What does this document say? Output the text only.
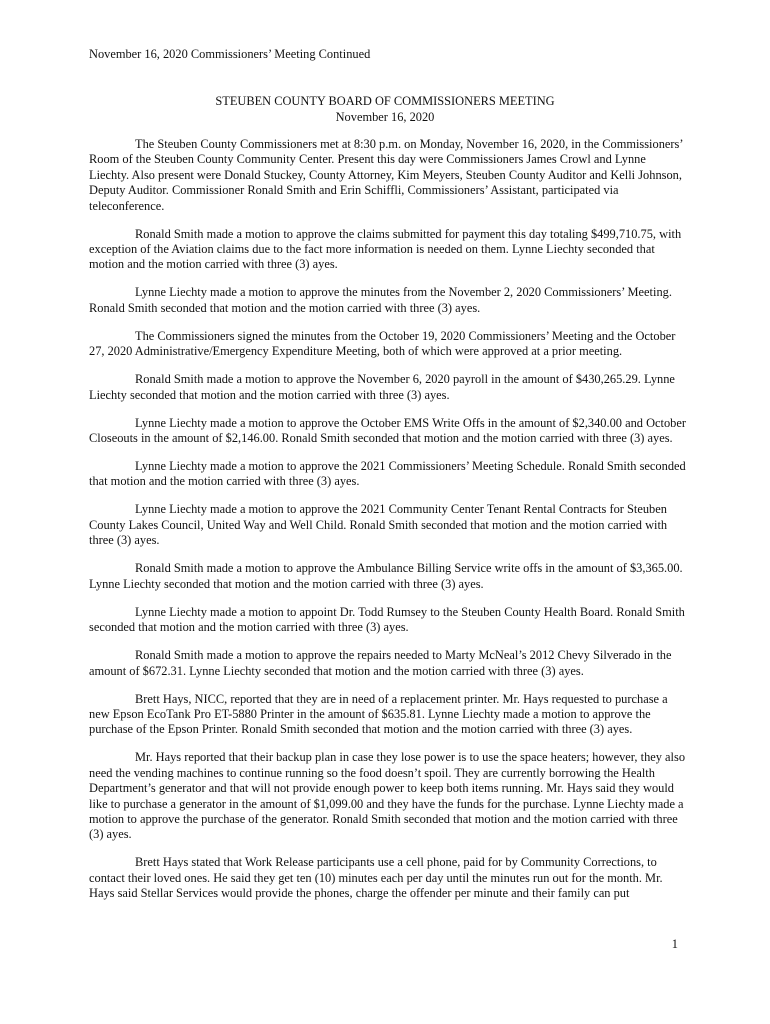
November 16, 2020 Commissioners’ Meeting Continued
STEUBEN COUNTY BOARD OF COMMISSIONERS MEETING
November 16, 2020

The Steuben County Commissioners met at 8:30 p.m. on Monday, November 16, 2020, in the Commissioners’ Room of the Steuben County Community Center. Present this day were Commissioners James Crowl and Lynne Liechty. Also present were Donald Stuckey, County Attorney, Kim Meyers, Steuben County Auditor and Kelli Johnson, Deputy Auditor. Commissioner Ronald Smith and Erin Schiffli, Commissioners’ Assistant, participated via teleconference.

Ronald Smith made a motion to approve the claims submitted for payment this day totaling $499,710.75, with exception of the Aviation claims due to the fact more information is needed on them. Lynne Liechty seconded that motion and the motion carried with three (3) ayes.

Lynne Liechty made a motion to approve the minutes from the November 2, 2020 Commissioners’ Meeting. Ronald Smith seconded that motion and the motion carried with three (3) ayes.

The Commissioners signed the minutes from the October 19, 2020 Commissioners’ Meeting and the October 27, 2020 Administrative/Emergency Expenditure Meeting, both of which were approved at a prior meeting.

Ronald Smith made a motion to approve the November 6, 2020 payroll in the amount of $430,265.29. Lynne Liechty seconded that motion and the motion carried with three (3) ayes.

Lynne Liechty made a motion to approve the October EMS Write Offs in the amount of $2,340.00 and October Closeouts in the amount of $2,146.00. Ronald Smith seconded that motion and the motion carried with three (3) ayes.

Lynne Liechty made a motion to approve the 2021 Commissioners’ Meeting Schedule. Ronald Smith seconded that motion and the motion carried with three (3) ayes.

Lynne Liechty made a motion to approve the 2021 Community Center Tenant Rental Contracts for Steuben County Lakes Council, United Way and Well Child. Ronald Smith seconded that motion and the motion carried with three (3) ayes.

Ronald Smith made a motion to approve the Ambulance Billing Service write offs in the amount of $3,365.00. Lynne Liechty seconded that motion and the motion carried with three (3) ayes.

Lynne Liechty made a motion to appoint Dr. Todd Rumsey to the Steuben County Health Board. Ronald Smith seconded that motion and the motion carried with three (3) ayes.

Ronald Smith made a motion to approve the repairs needed to Marty McNeal’s 2012 Chevy Silverado in the amount of $672.31. Lynne Liechty seconded that motion and the motion carried with three (3) ayes.

Brett Hays, NICC, reported that they are in need of a replacement printer. Mr. Hays requested to purchase a new Epson EcoTank Pro ET-5880 Printer in the amount of $635.81. Lynne Liechty made a motion to approve the purchase of the Epson Printer. Ronald Smith seconded that motion and the motion carried with three (3) ayes.

Mr. Hays reported that their backup plan in case they lose power is to use the space heaters; however, they also need the vending machines to continue running so the food doesn’t spoil. They are currently borrowing the Health Department’s generator and that will not provide enough power to keep both items running. Mr. Hays said they would like to purchase a generator in the amount of $1,099.00 and they have the funds for the purchase. Lynne Liechty made a motion to approve the purchase of the generator. Ronald Smith seconded that motion and the motion carried with three (3) ayes.

Brett Hays stated that Work Release participants use a cell phone, paid for by Community Corrections, to contact their loved ones. He said they get ten (10) minutes each per day until the minutes run out for the month. Mr. Hays said Stellar Services would provide the phones, charge the offender per minute and their family can put

1
